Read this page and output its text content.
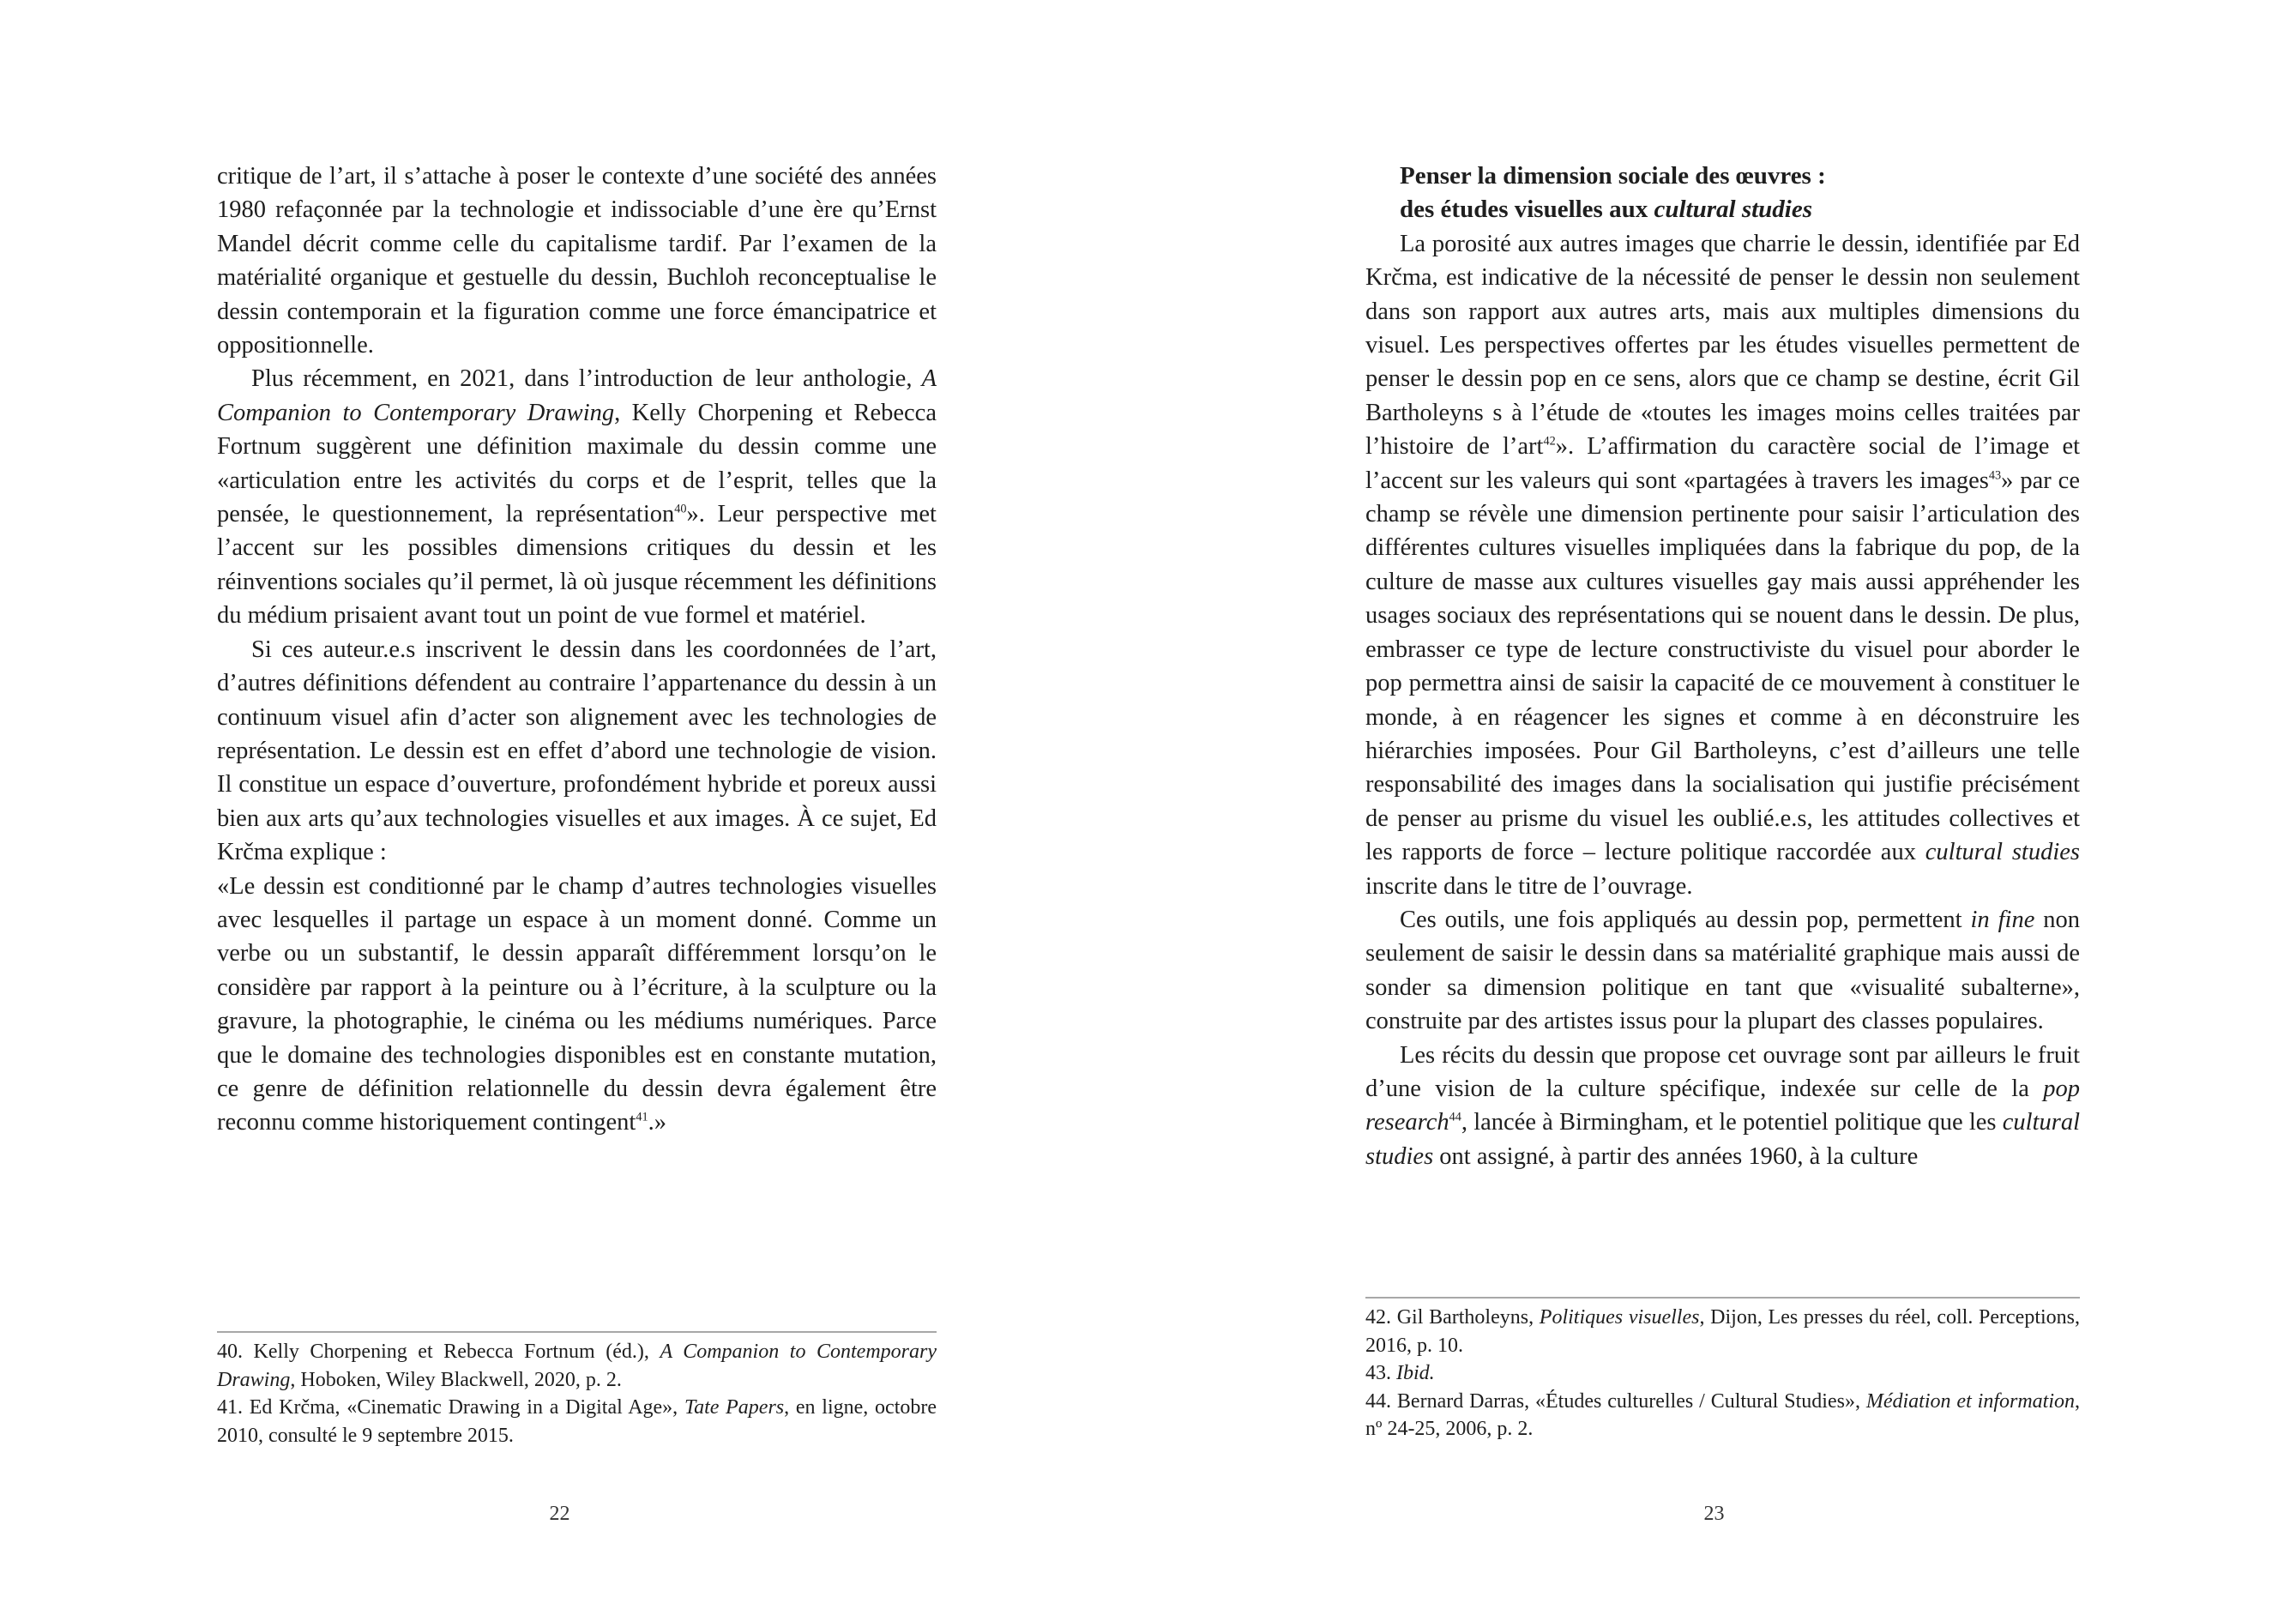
critique de l’art, il s’attache à poser le contexte d’une société des années 1980 refaçonnée par la technologie et indissociable d’une ère qu’Ernst Mandel décrit comme celle du capitalisme tardif. Par l’examen de la matérialité organique et gestuelle du dessin, Buchloh reconceptualise le dessin contemporain et la figuration comme une force émancipatrice et oppositionnelle.

Plus récemment, en 2021, dans l’introduction de leur anthologie, A Companion to Contemporary Drawing, Kelly Chorpening et Rebecca Fortnum suggèrent une définition maximale du dessin comme une «articulation entre les activités du corps et de l’esprit, telles que la pensée, le questionnement, la représentation$^{40}$». Leur perspective met l’accent sur les possibles dimensions critiques du dessin et les réinventions sociales qu’il permet, là où jusque récemment les définitions du médium prisaient avant tout un point de vue formel et matériel.

Si ces auteur.e.s inscrivent le dessin dans les coordonnées de l’art, d’autres définitions défendent au contraire l’appartenance du dessin à un continuum visuel afin d’acter son alignement avec les technologies de représentation. Le dessin est en effet d’abord une technologie de vision. Il constitue un espace d’ouverture, profondément hybride et poreux aussi bien aux arts qu’aux technologies visuelles et aux images. À ce sujet, Ed Krčma explique :

«Le dessin est conditionné par le champ d’autres technologies visuelles avec lesquelles il partage un espace à un moment donné. Comme un verbe ou un substantif, le dessin apparaît différemment lorsqu’on le considère par rapport à la peinture ou à l’écriture, à la sculpture ou la gravure, la photographie, le cinéma ou les médiums numériques. Parce que le domaine des technologies disponibles est en constante mutation, ce genre de définition relationnelle du dessin devra également être reconnu comme historiquement contingent$^{41}$.»

40. Kelly Chorpening et Rebecca Fortnum (éd.), A Companion to Contemporary Drawing, Hoboken, Wiley Blackwell, 2020, p. 2.

41. Ed Krčma, «Cinematic Drawing in a Digital Age», Tate Papers, en ligne, octobre 2010, consulté le 9 septembre 2015.

22
Penser la dimension sociale des œuvres :
des études visuelles aux cultural studies

La porosité aux autres images que charrie le dessin, identifiée par Ed Krčma, est indicative de la nécessité de penser le dessin non seulement dans son rapport aux autres arts, mais aux multiples dimensions du visuel. Les perspectives offertes par les études visuelles permettent de penser le dessin pop en ce sens, alors que ce champ se destine, écrit Gil Bartholeyns s à l’étude de «toutes les images moins celles traitées par l’histoire de l’art$^{42}$». L’affirmation du caractère social de l’image et l’accent sur les valeurs qui sont «partagées à travers les images$^{43}$» par ce champ se révèle une dimension pertinente pour saisir l’articulation des différentes cultures visuelles impliquées dans la fabrique du pop, de la culture de masse aux cultures visuelles gay mais aussi appréhender les usages sociaux des représentations qui se nouent dans le dessin. De plus, embrasser ce type de lecture constructiviste du visuel pour aborder le pop permettra ainsi de saisir la capacité de ce mouvement à constituer le monde, à en réagencer les signes et comme à en déconstruire les hiérarchies imposées. Pour Gil Bartholeyns, c’est d’ailleurs une telle responsabilité des images dans la socialisation qui justifie précisément de penser au prisme du visuel les oublié.e.s, les attitudes collectives et les rapports de force – lecture politique raccordée aux cultural studies inscrite dans le titre de l’ouvrage.

Ces outils, une fois appliqués au dessin pop, permettent in fine non seulement de saisir le dessin dans sa matérialité graphique mais aussi de sonder sa dimension politique en tant que «visualité subalterne», construite par des artistes issus pour la plupart des classes populaires.

Les récits du dessin que propose cet ouvrage sont par ailleurs le fruit d’une vision de la culture spécifique, indexée sur celle de la pop research$^{44}$, lancée à Birmingham, et le potentiel politique que les cultural studies ont assigné, à partir des années 1960, à la culture

42. Gil Bartholeyns, Politiques visuelles, Dijon, Les presses du réel, coll. Perceptions, 2016, p. 10.

43. Ibid.

44. Bernard Darras, «Études culturelles / Cultural Studies», Médiation et information, nº 24-25, 2006, p. 2.

23
